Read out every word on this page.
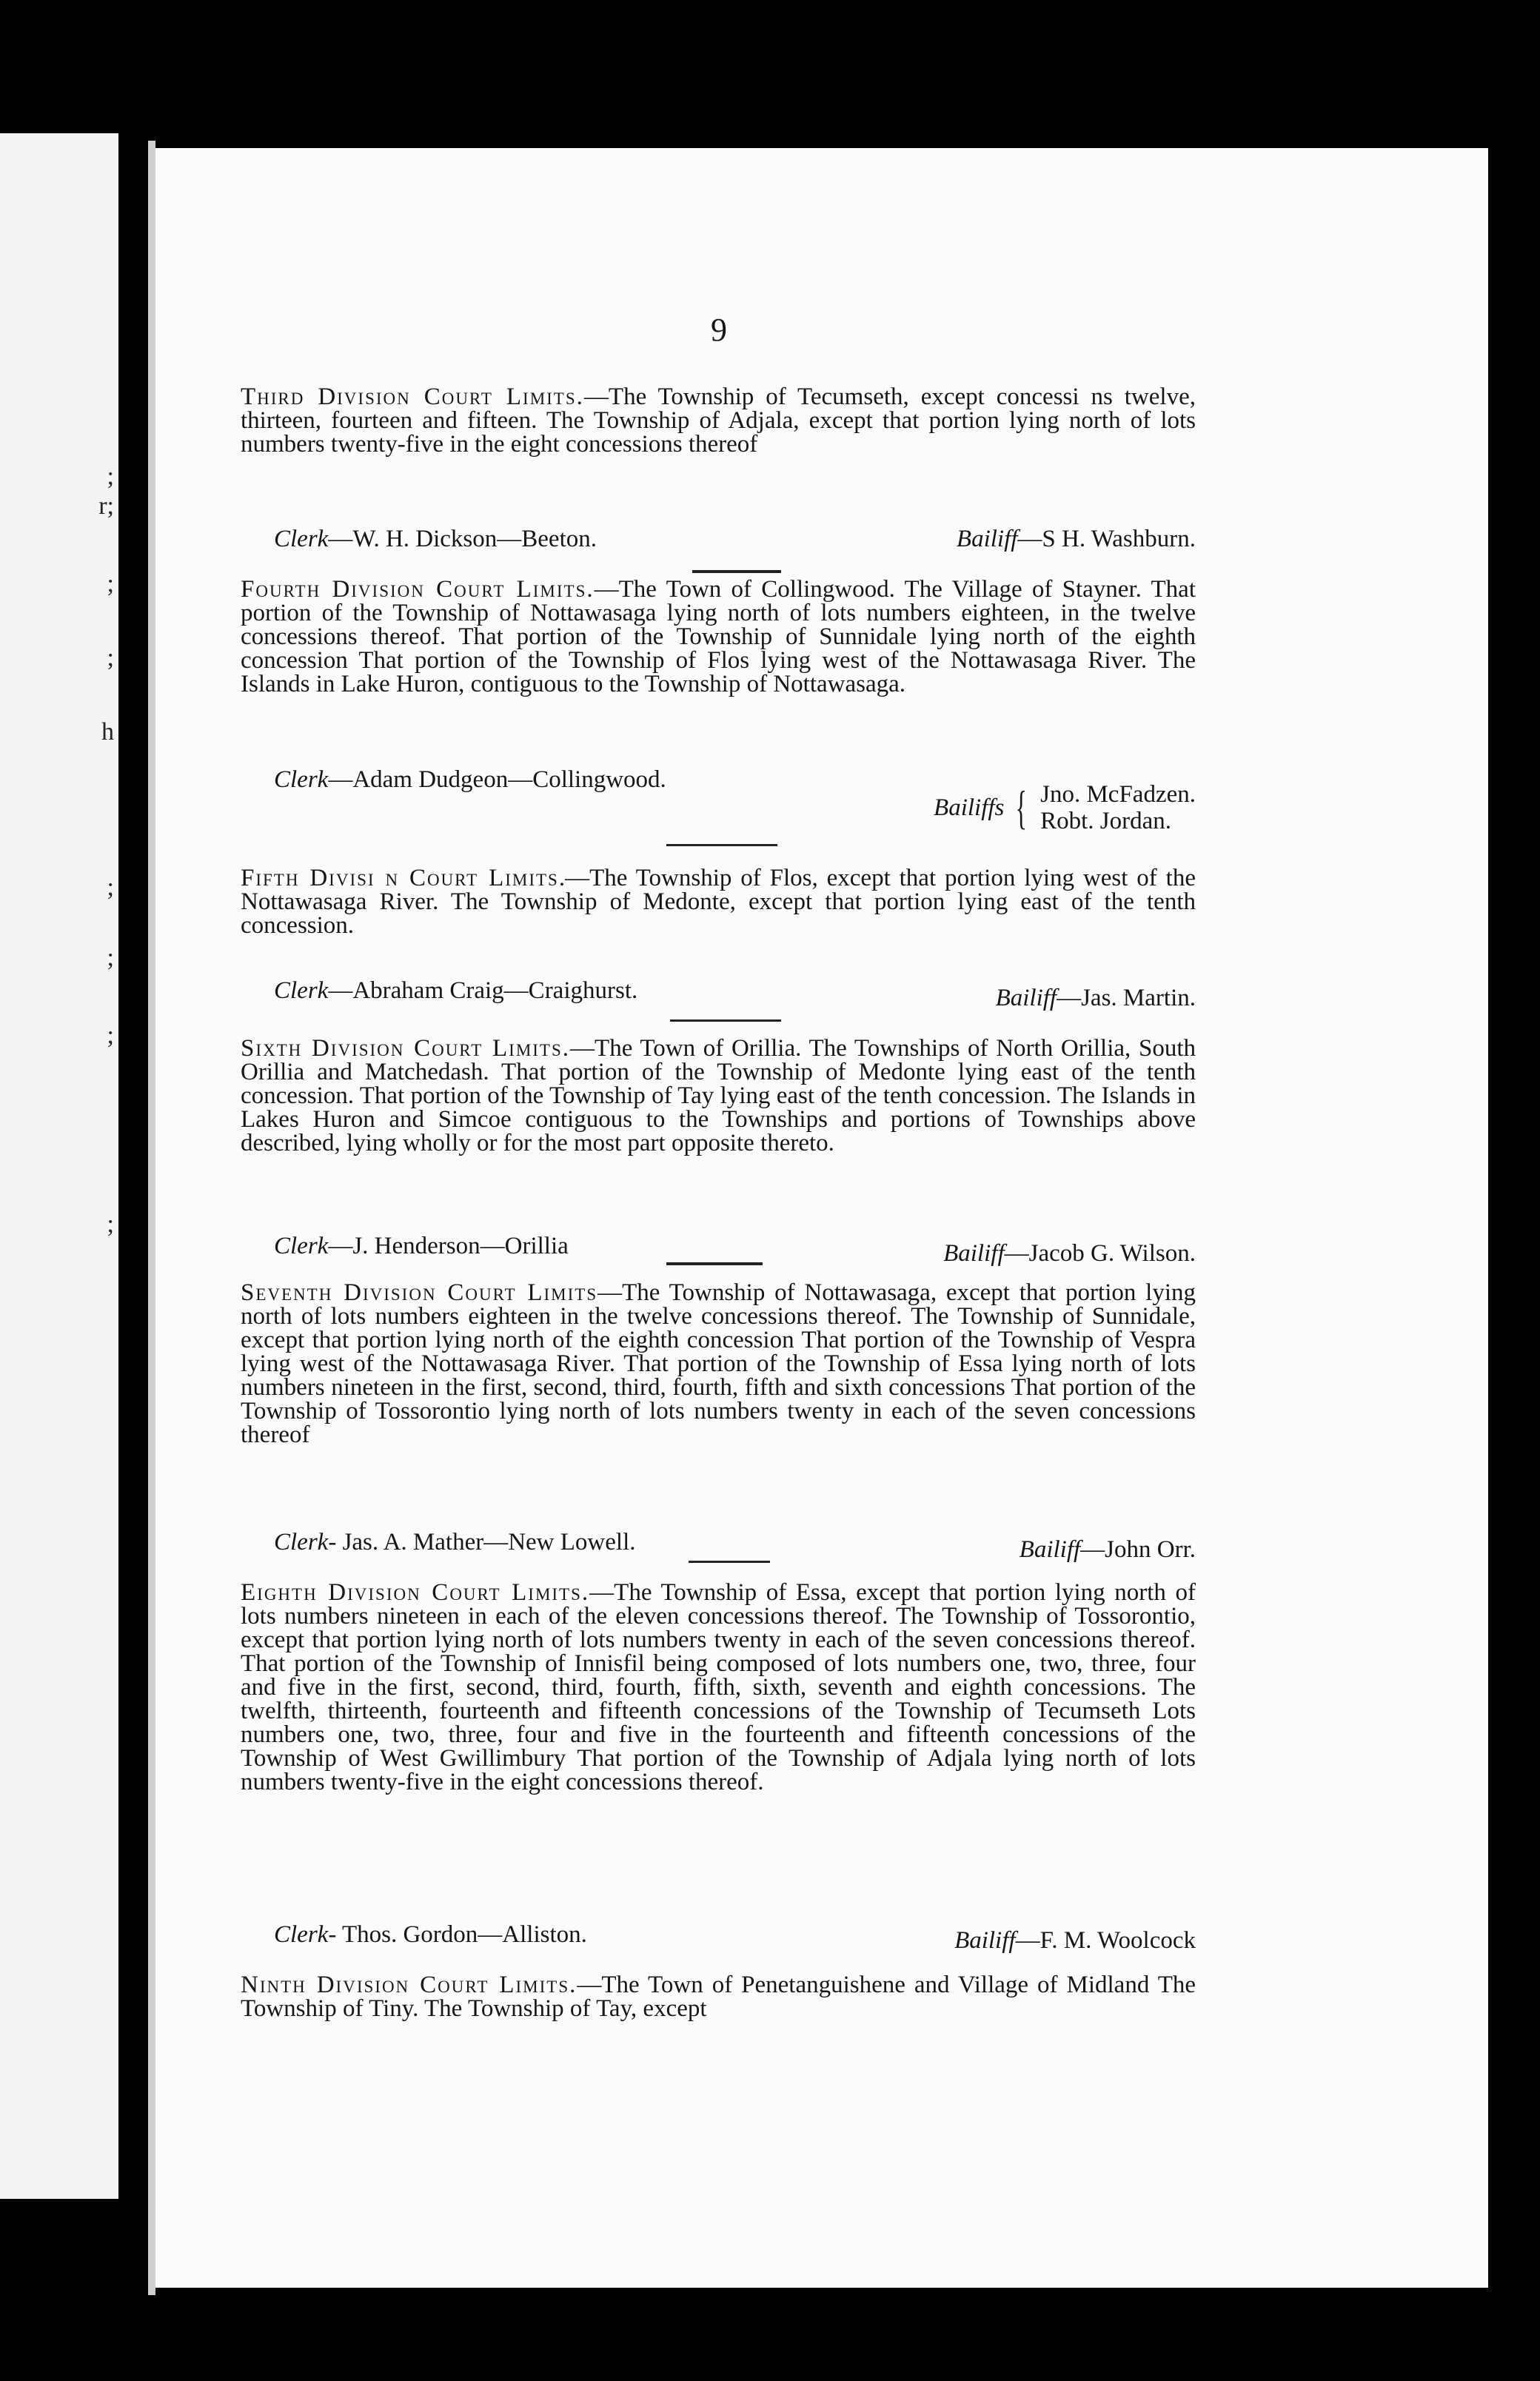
;
r;
;
;
h
;
;
;
;
9

Third Division Court Limits.—The Township of Tecumseth, except concessi ns twelve, thirteen, fourteen and fifteen. The Township of Adjala, except that portion lying north of lots numbers twenty-five in the eight concessions thereof

Clerk—W. H. Dickson—Beeton.	Bailiff—S H. Washburn.

Fourth Division Court Limits.—The Town of Collingwood. The Village of Stayner. That portion of the Township of Nottawasaga lying north of lots numbers eighteen, in the twelve concessions thereof. That portion of the Township of Sunnidale lying north of the eighth concession That portion of the Township of Flos lying west of the Nottawasaga River. The Islands in Lake Huron, contiguous to the Township of Nottawasaga.

Clerk—Adam Dudgeon—Collingwood.
Bailiffs { Jno. McFadzen.
Robt. Jordan.

Fifth Divisi n Court Limits.—The Township of Flos, except that portion lying west of the Nottawasaga River. The Township of Medonte, except that portion lying east of the tenth concession.

Clerk—Abraham Craig—Craighurst.	Bailiff—Jas. Martin.

Sixth Division Court Limits.—The Town of Orillia. The Townships of North Orillia, South Orillia and Matchedash. That portion of the Township of Medonte lying east of the tenth concession. That portion of the Township of Tay lying east of the tenth concession. The Islands in Lakes Huron and Simcoe contiguous to the Townships and portions of Townships above described, lying wholly or for the most part opposite thereto.

Clerk—J. Henderson—Orillia	Bailiff—Jacob G. Wilson.

Seventh Division Court Limits—The Township of Nottawasaga, except that portion lying north of lots numbers eighteen in the twelve concessions thereof. The Township of Sunnidale, except that portion lying north of the eighth concession That portion of the Township of Vespra lying west of the Nottawasaga River. That portion of the Township of Essa lying north of lots numbers nineteen in the first, second, third, fourth, fifth and sixth concessions That portion of the Township of Tossorontio lying north of lots numbers twenty in each of the seven concessions thereof

Clerk- Jas. A. Mather—New Lowell.	Bailiff—John Orr.

Eighth Division Court Limits.—The Township of Essa, except that portion lying north of lots numbers nineteen in each of the eleven concessions thereof. The Township of Tossorontio, except that portion lying north of lots numbers twenty in each of the seven concessions thereof. That portion of the Township of Innisfil being composed of lots numbers one, two, three, four and five in the first, second, third, fourth, fifth, sixth, seventh and eighth concessions. The twelfth, thirteenth, fourteenth and fifteenth concessions of the Township of Tecumseth Lots numbers one, two, three, four and five in the fourteenth and fifteenth concessions of the Township of West Gwillimbury That portion of the Township of Adjala lying north of lots numbers twenty-five in the eight concessions thereof.

Clerk- Thos. Gordon—Alliston.	Bailiff—F. M. Woolcock

Ninth Division Court Limits.—The Town of Penetanguishene and Village of Midland The Township of Tiny. The Township of Tay, except
